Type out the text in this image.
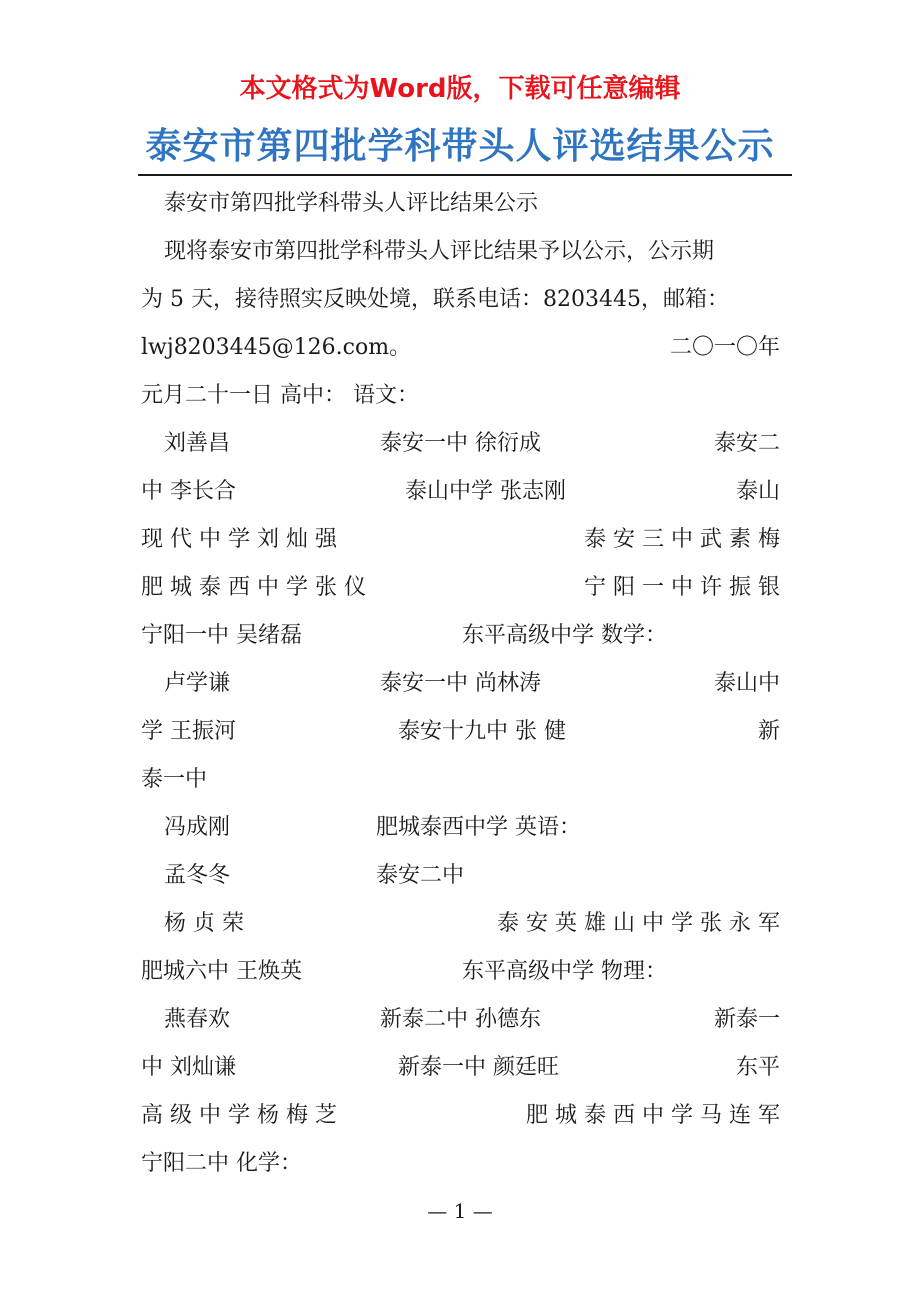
本文格式为Word版，下载可任意编辑
泰安市第四批学科带头人评选结果公示
泰安市第四批学科带头人评比结果公示
现将泰安市第四批学科带头人评比结果予以公示，公示期
为 5 天，接待照实反映处境，联系电话：8203445，邮箱：
lwj8203445@126.com。	二〇一〇年
元月二十一日 高中： 语文：
刘善昌	泰安一中 徐衍成	泰安二
中 李长合	泰山中学 张志刚	泰山
现 代 中 学 刘 灿 强	泰 安 三 中 武 素 梅
肥 城 泰 西 中 学 张 仪	宁 阳 一 中 许 振 银
宁阳一中 吴绪磊	东平高级中学 数学：
卢学谦	泰安一中 尚林涛	泰山中
学 王振河	泰安十九中 张 健	新
泰一中
冯成刚	肥城泰西中学 英语：
孟冬冬	泰安二中
杨 贞 荣	泰 安 英 雄 山 中 学 张 永 军
肥城六中 王焕英	东平高级中学 物理：
燕春欢	新泰二中 孙德东	新泰一
中 刘灿谦	新泰一中 颜廷旺	东平
高 级 中 学 杨 梅 芝	肥 城 泰 西 中 学 马 连 军
宁阳二中 化学：
— 1 —
